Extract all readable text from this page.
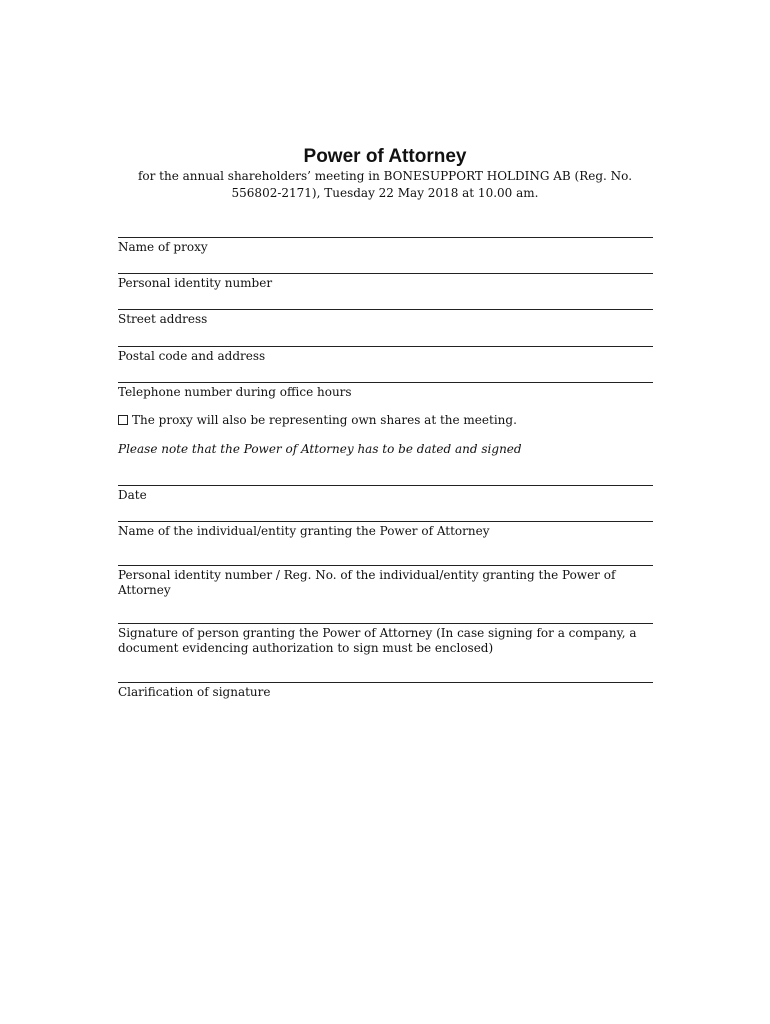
Power of Attorney
for the annual shareholders’ meeting in BONESUPPORT HOLDING AB (Reg. No. 556802-2171), Tuesday 22 May 2018 at 10.00 am.
Name of proxy
Personal identity number
Street address
Postal code and address
Telephone number during office hours
The proxy will also be representing own shares at the meeting.
Please note that the Power of Attorney has to be dated and signed
Date
Name of the individual/entity granting the Power of Attorney
Personal identity number / Reg. No. of the individual/entity granting the Power of Attorney
Signature of person granting the Power of Attorney (In case signing for a company, a document evidencing authorization to sign must be enclosed)
Clarification of signature
